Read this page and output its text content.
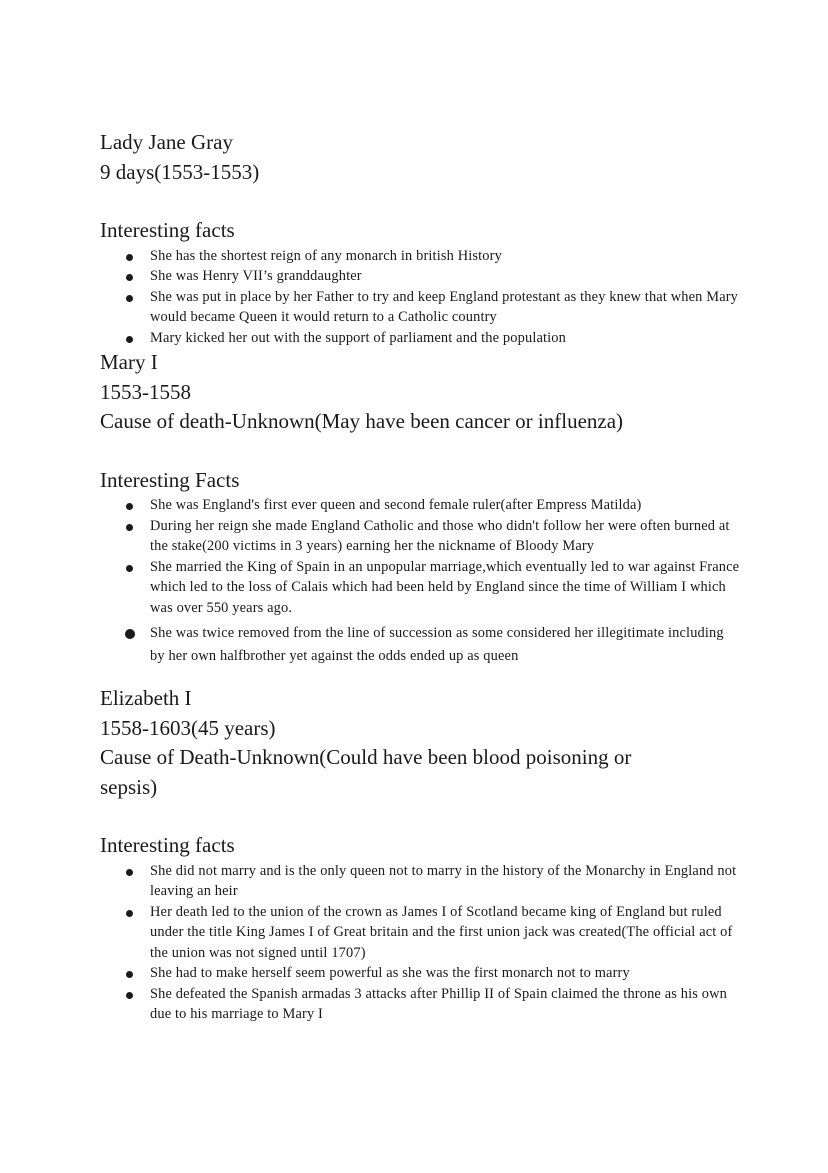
Lady Jane Gray

9 days(1553-1553)

Interesting facts

She has the shortest reign of any monarch in british History
She was Henry VII’s granddaughter
She was put in place by her Father to try and keep England protestant as they knew that when Mary would became Queen it would return to a Catholic country
Mary kicked her out with the support of parliament and the population

Mary I

1553-1558

Cause of death-Unknown(May have been cancer or influenza)

Interesting Facts

She was England's first ever queen and second female ruler(after Empress Matilda)
During her reign she made England Catholic and those who didn't follow her were often burned at the stake(200 victims in 3 years) earning her the nickname of Bloody Mary
She married the King of Spain in an unpopular marriage,which eventually led to war against France which led to the loss of Calais which had been held by England since the time of William I which was over 550 years ago.
She was twice removed from the line of succession as some considered her illegitimate including by her own halfbrother yet against the odds ended up as queen

Elizabeth I

1558-1603(45 years)

Cause of Death-Unknown(Could have been blood poisoning or sepsis)

Interesting facts

She did not marry and is the only queen not to marry in the history of the Monarchy in England not leaving an heir
Her death led to the union of the crown as James I of Scotland became king of England but ruled under the title King James I of Great britain and the first union jack was created(The official act of the union was not signed until 1707)
She had to make herself seem powerful as she was the first monarch not to marry
She defeated the Spanish armadas 3 attacks after Phillip II of Spain claimed the throne as his own due to his marriage to Mary I
